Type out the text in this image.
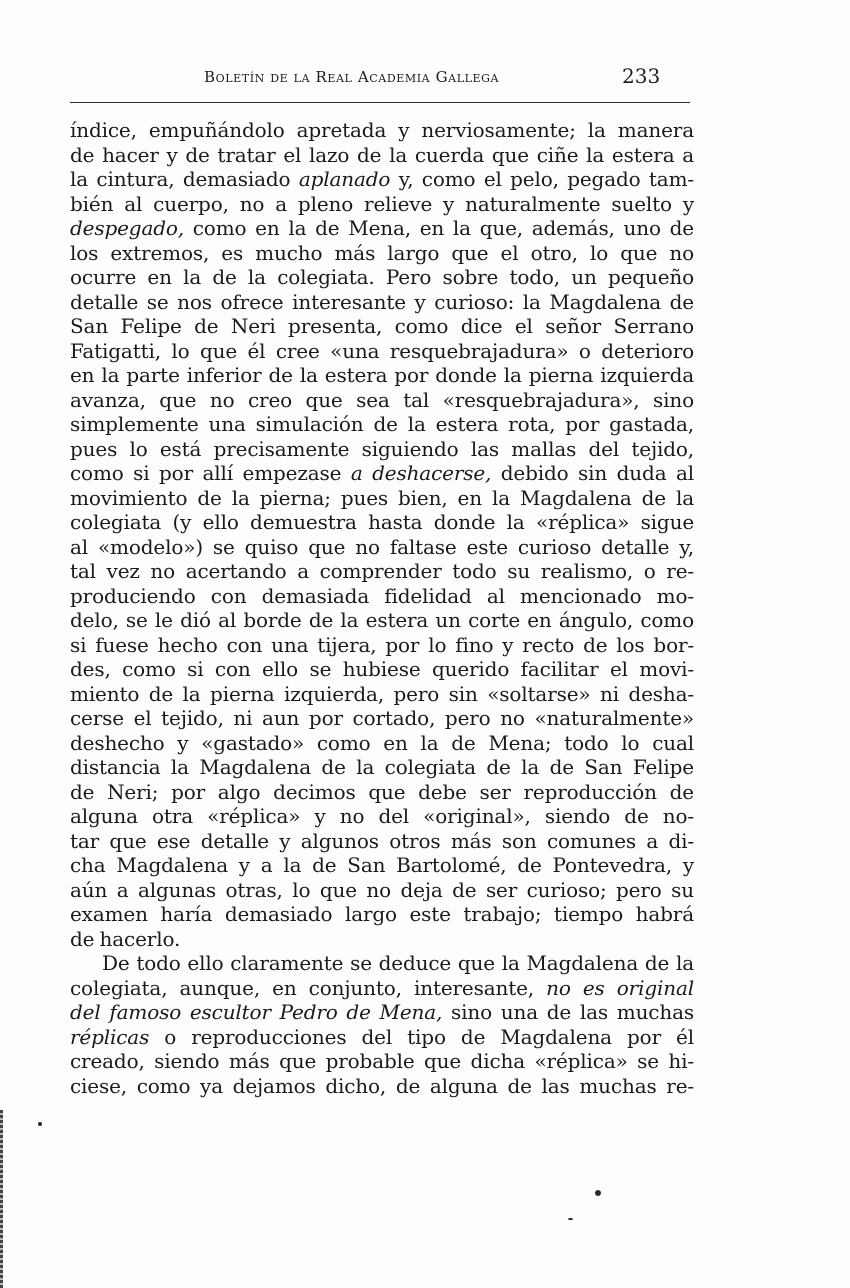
Boletín de la Real Academia Gallega	233
índice, empuñándolo apretada y nerviosamente; la manera
de hacer y de tratar el lazo de la cuerda que ciñe la estera a
la cintura, demasiado aplanado y, como el pelo, pegado tam-
bién al cuerpo, no a pleno relieve y naturalmente suelto y
despegado, como en la de Mena, en la que, además, uno de
los extremos, es mucho más largo que el otro, lo que no
ocurre en la de la colegiata. Pero sobre todo, un pequeño
detalle se nos ofrece interesante y curioso: la Magdalena de
San Felipe de Neri presenta, como dice el señor Serrano
Fatigatti, lo que él cree «una resquebrajadura» o deterioro
en la parte inferior de la estera por donde la pierna izquierda
avanza, que no creo que sea tal «resquebrajadura», sino
simplemente una simulación de la estera rota, por gastada,
pues lo está precisamente siguiendo las mallas del tejido,
como si por allí empezase a deshacerse, debido sin duda al
movimiento de la pierna; pues bien, en la Magdalena de la
colegiata (y ello demuestra hasta donde la «réplica» sigue
al «modelo») se quiso que no faltase este curioso detalle y,
tal vez no acertando a comprender todo su realismo, o re-
produciendo con demasiada fidelidad al mencionado mo-
delo, se le dió al borde de la estera un corte en ángulo, como
si fuese hecho con una tijera, por lo fino y recto de los bor-
des, como si con ello se hubiese querido facilitar el movi-
miento de la pierna izquierda, pero sin «soltarse» ni desha-
cerse el tejido, ni aun por cortado, pero no «naturalmente»
deshecho y «gastado» como en la de Mena; todo lo cual
distancia la Magdalena de la colegiata de la de San Felipe
de Neri; por algo decimos que debe ser reproducción de
alguna otra «réplica» y no del «original», siendo de no-
tar que ese detalle y algunos otros más son comunes a di-
cha Magdalena y a la de San Bartolomé, de Pontevedra, y
aún a algunas otras, lo que no deja de ser curioso; pero su
examen haría demasiado largo este trabajo; tiempo habrá
de hacerlo.
De todo ello claramente se deduce que la Magdalena de la
colegiata, aunque, en conjunto, interesante, no es original
del famoso escultor Pedro de Mena, sino una de las muchas
réplicas o reproducciones del tipo de Magdalena por él
creado, siendo más que probable que dicha «réplica» se hi-
ciese, como ya dejamos dicho, de alguna de las muchas re-
